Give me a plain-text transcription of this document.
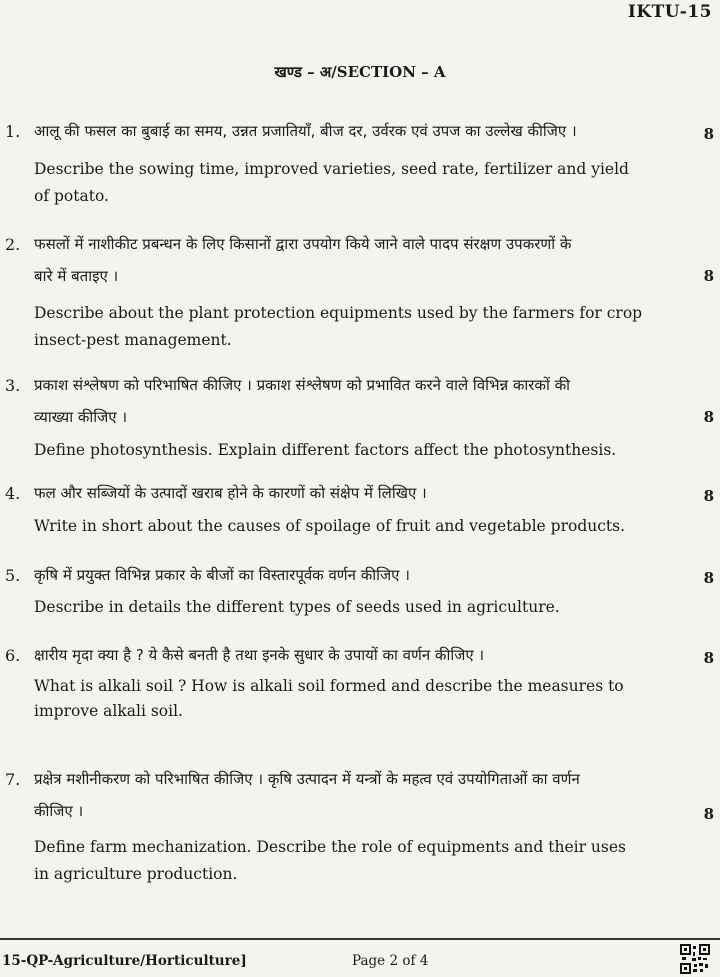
IKTU-15
खण्ड – अ/SECTION – A
1. आलू की फसल का बुबाई का समय, उन्नत प्रजातियाँ, बीज दर, उर्वरक एवं उपज का उल्लेख कीजिए ।	8
Describe the sowing time, improved varieties, seed rate, fertilizer and yield
of potato.
2. फसलों में नाशीकीट प्रबन्धन के लिए किसानों द्वारा उपयोग किये जाने वाले पादप संरक्षण उपकरणों के
बारे में बताइए ।	8
Describe about the plant protection equipments used by the farmers for crop
insect-pest management.
3. प्रकाश संश्लेषण को परिभाषित कीजिए । प्रकाश संश्लेषण को प्रभावित करने वाले विभिन्न कारकों की
व्याख्या कीजिए ।	8
Define photosynthesis. Explain different factors affect the photosynthesis.
4. फल और सब्जियों के उत्पादों खराब होने के कारणों को संक्षेप में लिखिए ।	8
Write in short about the causes of spoilage of fruit and vegetable products.
5. कृषि में प्रयुक्त विभिन्न प्रकार के बीजों का विस्तारपूर्वक वर्णन कीजिए ।	8
Describe in details the different types of seeds used in agriculture.
6. क्षारीय मृदा क्या है ? ये कैसे बनती है तथा इनके सुधार के उपायों का वर्णन कीजिए ।	8
What is alkali soil ? How is alkali soil formed and describe the measures to
improve alkali soil.
7. प्रक्षेत्र मशीनीकरण को परिभाषित कीजिए । कृषि उत्पादन में यन्त्रों के महत्व एवं उपयोगिताओं का वर्णन
कीजिए ।	8
Define farm mechanization. Describe the role of equipments and their uses
in agriculture production.
15-QP-Agriculture/Horticulture]	Page 2 of 4
